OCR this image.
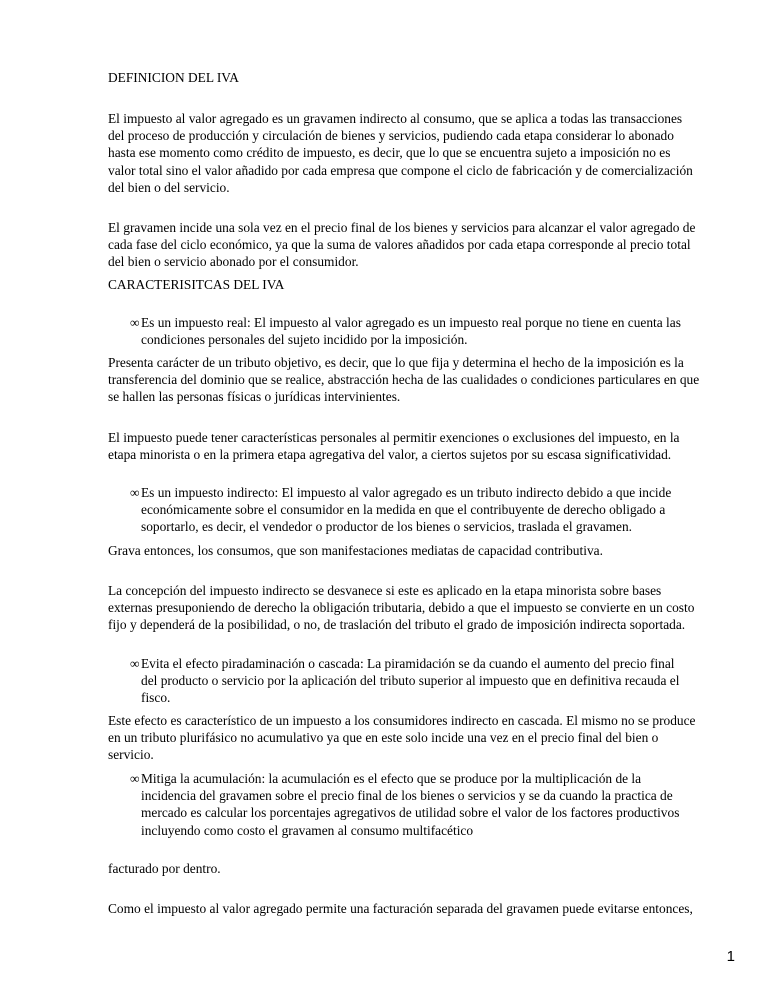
DEFINICION DEL IVA

El impuesto al valor agregado es un gravamen indirecto al consumo, que se aplica a todas las transacciones
del proceso de producción y circulación de bienes y servicios, pudiendo cada etapa considerar lo abonado
hasta ese momento como crédito de impuesto, es decir, que lo que se encuentra sujeto a imposición no es
valor total sino el valor añadido por cada empresa que compone el ciclo de fabricación y de comercialización
del bien o del servicio.

El gravamen incide una sola vez en el precio final de los bienes y servicios para alcanzar el valor agregado de
cada fase del ciclo económico, ya que la suma de valores añadidos por cada etapa corresponde al precio total
del bien o servicio abonado por el consumidor.

CARACTERISITCAS DEL IVA

∞ Es un impuesto real: El impuesto al valor agregado es un impuesto real porque no tiene en cuenta las
condiciones personales del sujeto incidido por la imposición.

Presenta carácter de un tributo objetivo, es decir, que lo que fija y determina el hecho de la imposición es la
transferencia del dominio que se realice, abstracción hecha de las cualidades o condiciones particulares en que
se hallen las personas físicas o jurídicas intervinientes.

El impuesto puede tener características personales al permitir exenciones o exclusiones del impuesto, en la
etapa minorista o en la primera etapa agregativa del valor, a ciertos sujetos por su escasa significatividad.

∞ Es un impuesto indirecto: El impuesto al valor agregado es un tributo indirecto debido a que incide
económicamente sobre el consumidor en la medida en que el contribuyente de derecho obligado a
soportarlo, es decir, el vendedor o productor de los bienes o servicios, traslada el gravamen.

Grava entonces, los consumos, que son manifestaciones mediatas de capacidad contributiva.

La concepción del impuesto indirecto se desvanece si este es aplicado en la etapa minorista sobre bases
externas presuponiendo de derecho la obligación tributaria, debido a que el impuesto se convierte en un costo
fijo y dependerá de la posibilidad, o no, de traslación del tributo el grado de imposición indirecta soportada.

∞ Evita el efecto piradaminación o cascada: La piramidación se da cuando el aumento del precio final
del producto o servicio por la aplicación del tributo superior al impuesto que en definitiva recauda el
fisco.

Este efecto es característico de un impuesto a los consumidores indirecto en cascada. El mismo no se produce
en un tributo plurifásico no acumulativo ya que en este solo incide una vez en el precio final del bien o
servicio.

∞ Mitiga la acumulación: la acumulación es el efecto que se produce por la multiplicación de la
incidencia del gravamen sobre el precio final de los bienes o servicios y se da cuando la practica de
mercado es calcular los porcentajes agregativos de utilidad sobre el valor de los factores productivos
incluyendo como costo el gravamen al consumo multifacético

facturado por dentro.

Como el impuesto al valor agregado permite una facturación separada del gravamen puede evitarse entonces,

1
